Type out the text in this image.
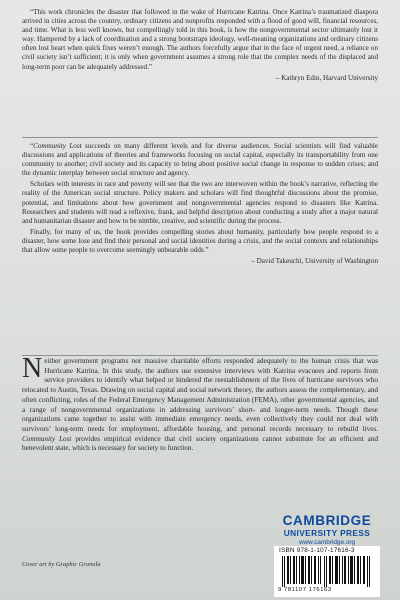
“This work chronicles the disaster that followed in the wake of Hurricane Katrina. Once Katrina’s traumatized diaspora arrived in cities across the country, ordinary citizens and nonprofits responded with a flood of good will, financial resources, and time. What is less well known, but compellingly told in this book, is how the nongovernmental sector ultimately lost it way. Hampered by a lack of coordination and a strong bootstraps ideology, well-meaning organizations and ordinary citizens often lost heart when quick fixes weren’t enough. The authors forcefully argue that in the face of urgent need, a reliance on civil society isn’t sufficient; it is only when government assumes a strong role that the complex needs of the displaced and long-term poor can be adequately addressed.”

– Kathryn Edin, Harvard University

“Community Lost succeeds on many different levels and for diverse audiences. Social scientists will find valuable discussions and applications of theories and frameworks focusing on social capital, especially its transportability from one community to another; civil society and its capacity to bring about positive social change in response to sudden crises; and the dynamic interplay between social structure and agency.

Scholars with interests in race and poverty will see that the two are interwoven within the book’s narrative, reflecting the reality of the American social structure. Policy makers and scholars will find thoughtful discussions about the promise, potential, and limitations about how government and nongovernmental agencies respond to disasters like Katrina. Researchers and students will read a reflexive, frank, and helpful description about conducting a study after a major natural and humanitarian disaster and how to be nimble, creative, and scientific during the process.

Finally, for many of us, the book provides compelling stories about humanity, particularly how people respond to a disaster, how some lose and find their personal and social identities during a crisis, and the social contexts and relationships that allow some people to overcome seemingly unbearable odds.”

– David Takeuchi, University of Washington

Neither government programs nor massive charitable efforts responded adequately to the human crisis that was Hurricane Katrina. In this study, the authors use extensive interviews with Katrina evacuees and reports from service providers to identify what helped or hindered the reestablishment of the lives of hurricane survivors who relocated to Austin, Texas. Drawing on social capital and social network theory, the authors assess the complementary, and often conflicting, roles of the Federal Emergency Management Administration (FEMA), other governmental agencies, and a range of nongovernmental organizations in addressing survivors’ short- and longer-term needs. Though these organizations came together to assist with immediate emergency needs, even collectively they could not deal with survivors’ long-term needs for employment, affordable housing, and personal records necessary to rebuild lives. Community Lost provides empirical evidence that civil society organizations cannot substitute for an efficient and benevolent state, which is necessary for society to function.

Cover art by Graphic Granola
CAMBRIDGE
UNIVERSITY PRESS
www.cambridge.org
ISBN 978-1-107-17616-3
9 781107 176163
